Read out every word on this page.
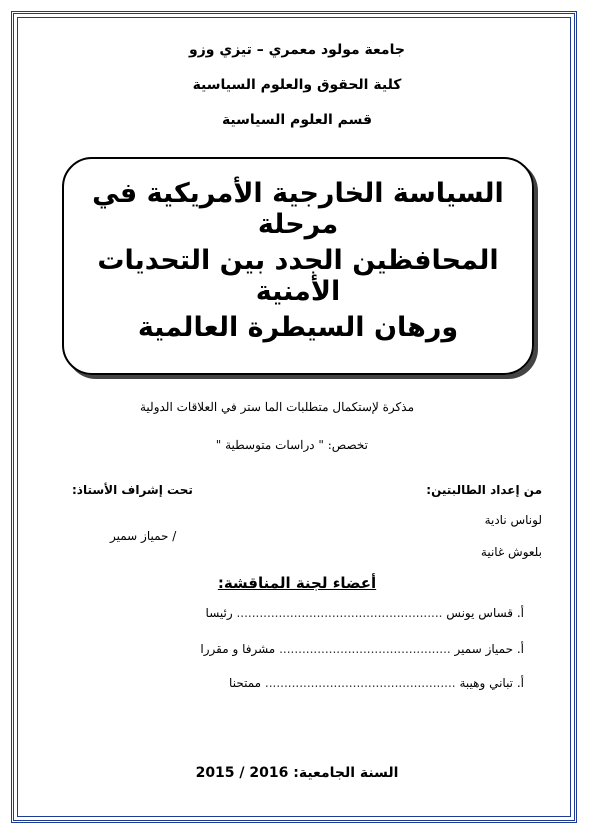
جامعة مولود معمري – تيزي وزو
كلية الحقوق والعلوم السياسية
قسم العلوم السياسية
السياسة الخارجية الأمريكية في مرحلة
المحافظين الجدد بين التحديات الأمنية
ورهان السيطرة العالمية
مذكرة لإستكمال متطلبات الما ستر في العلاقات الدولية
تخصص: " دراسات متوسطية "
من إعداد الطالبتين:
تحت إشراف الأستاذ:
لوناس نادية
بلعوش غانية
/ حمياز سمير
أعضاء لجنة المناقشة:
أ. قساس يونس ...................................................... رئيسا
أ. حمياز سمير ............................................. مشرفا و مقررا
أ. تباني وهيبة .................................................. ممتحنا
السنة الجامعية: 2015 / 2016
